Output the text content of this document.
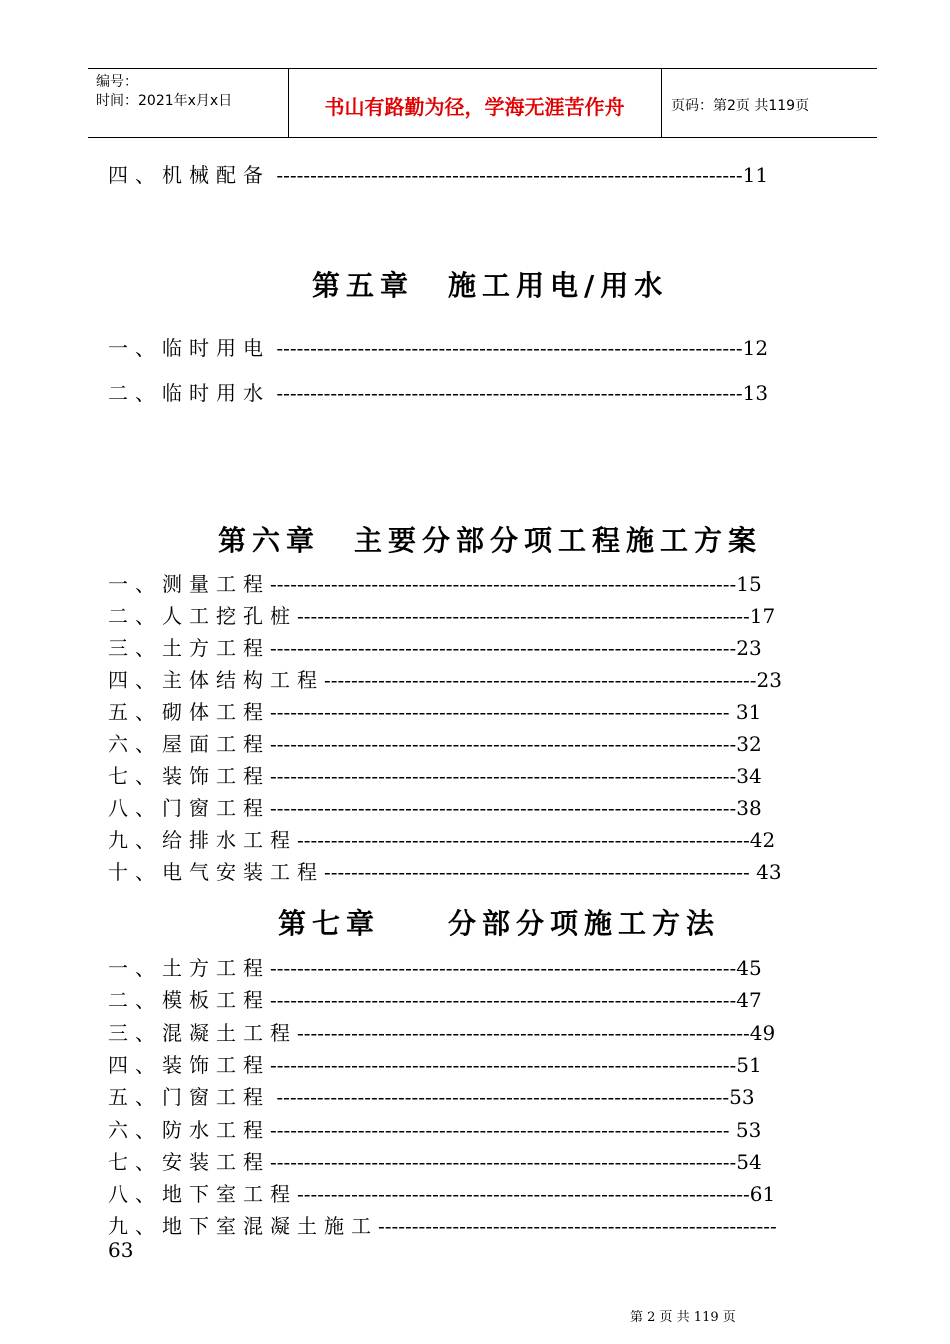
编号：
时间：2021年x月x日	书山有路勤为径，学海无涯苦作舟	页码：第2页 共119页
四、机械配备 ---------------------------------------------------------------------11
第五章　施工用电/用水
一、临时用电 ---------------------------------------------------------------------12
二、临时用水 ---------------------------------------------------------------------13
第六章　主要分部分项工程施工方案
一、测量工程---------------------------------------------------------------------15
二、人工挖孔桩-------------------------------------------------------------------17
三、土方工程---------------------------------------------------------------------23
四、主体结构工程----------------------------------------------------------------23
五、砌体工程-------------------------------------------------------------------- 31
六、屋面工程---------------------------------------------------------------------32
七、装饰工程---------------------------------------------------------------------34
八、门窗工程---------------------------------------------------------------------38
九、给排水工程-------------------------------------------------------------------42
十、电气安装工程--------------------------------------------------------------- 43
第七章　　分部分项施工方法
一、土方工程---------------------------------------------------------------------45
二、模板工程---------------------------------------------------------------------47
三、混凝土工程-------------------------------------------------------------------49
四、装饰工程---------------------------------------------------------------------51
五、门窗工程 -------------------------------------------------------------------53
六、防水工程-------------------------------------------------------------------- 53
七、安装工程---------------------------------------------------------------------54
八、地下室工程-------------------------------------------------------------------61
九、地下室混凝土施工-----------------------------------------------------------
63
第 2 页 共 119 页
